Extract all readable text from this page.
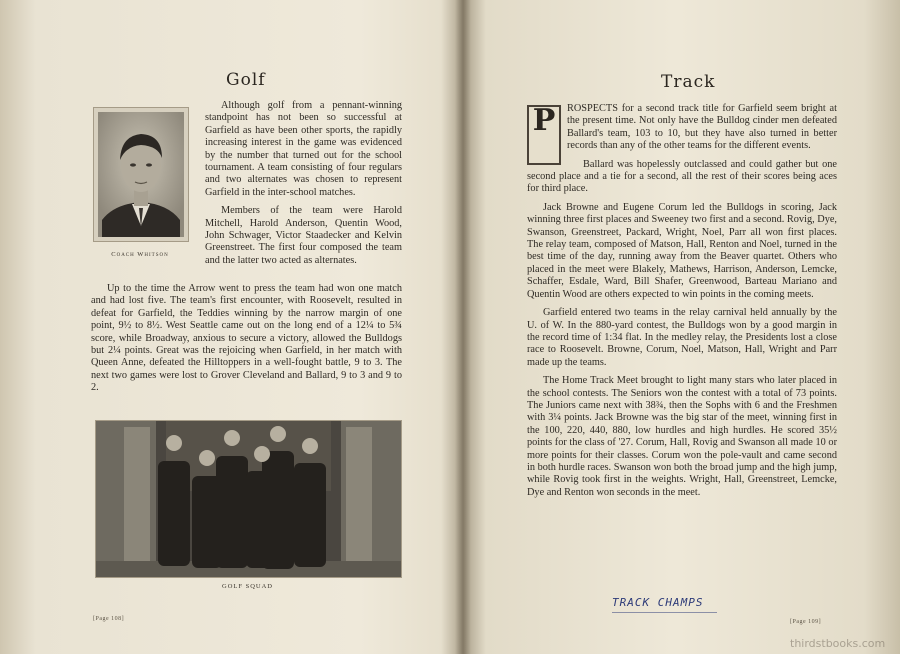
Golf
Coach Whitson

Although golf from a pennant-winning standpoint has not been so successful at Garfield as have been other sports, the rapidly increasing interest in the game was evidenced by the number that turned out for the school tournament. A team consisting of four regulars and two alternates was chosen to represent Garfield in the inter-school matches.

Members of the team were Harold Mitchell, Harold Anderson, Quentin Wood, John Schwager, Victor Staadecker and Kelvin Greenstreet. The first four composed the team and the latter two acted as alternates.

Up to the time the Arrow went to press the team had won one match and had lost five. The team's first encounter, with Roosevelt, resulted in defeat for Garfield, the Teddies winning by the narrow margin of one point, 9½ to 8½. West Seattle came out on the long end of a 12¼ to 5¾ score, while Broadway, anxious to secure a victory, allowed the Bulldogs but 2¼ points. Great was the rejoicing when Garfield, in her match with Queen Anne, defeated the Hilltoppers in a well-fought battle, 9 to 3. The next two games were lost to Grover Cleveland and Ballard, 9 to 3 and 9 to 2.

GOLF SQUAD
[Page 108]
Track

P	ROSPECTS for a second track title for Garfield seem bright at the present time. Not only have the Bulldog cinder men defeated Ballard's team, 103 to 10, but they have also turned in better records than any of the other teams for the different events.

Ballard was hopelessly outclassed and could gather but one second place and a tie for a second, all the rest of their scores being aces for third place.

Jack Browne and Eugene Corum led the Bulldogs in scoring, Jack winning three first places and Sweeney two first and a second. Rovig, Dye, Swanson, Greenstreet, Packard, Wright, Noel, Parr all won first places. The relay team, composed of Matson, Hall, Renton and Noel, turned in the best time of the day, running away from the Beaver quartet. Others who placed in the meet were Blakely, Mathews, Harrison, Anderson, Lemcke, Schaffer, Esdale, Ward, Bill Shafer, Greenwood, Barteau Mariano and Quentin Wood are others expected to win points in the coming meets.

Garfield entered two teams in the relay carnival held annually by the U. of W. In the 880-yard contest, the Bulldogs won by a good margin in the record time of 1:34 flat. In the medley relay, the Presidents lost a close race to Roosevelt. Browne, Corum, Noel, Matson, Hall, Wright and Parr made up the teams.

The Home Track Meet brought to light many stars who later placed in the school contests. The Seniors won the contest with a total of 73 points. The Juniors came next with 38¾, then the Sophs with 6 and the Freshmen with 3¼ points. Jack Browne was the big star of the meet, winning first in the 100, 220, 440, 880, low hurdles and high hurdles. He scored 35½ points for the class of '27. Corum, Hall, Rovig and Swanson all made 10 or more points for their classes. Corum won the pole-vault and came second in both hurdle races. Swanson won both the broad jump and the high jump, while Rovig took first in the weights. Wright, Hall, Greenstreet, Lemcke, Dye and Renton won seconds in the meet.

TRACK CHAMPS
[Page 109]
thirdstbooks.com
